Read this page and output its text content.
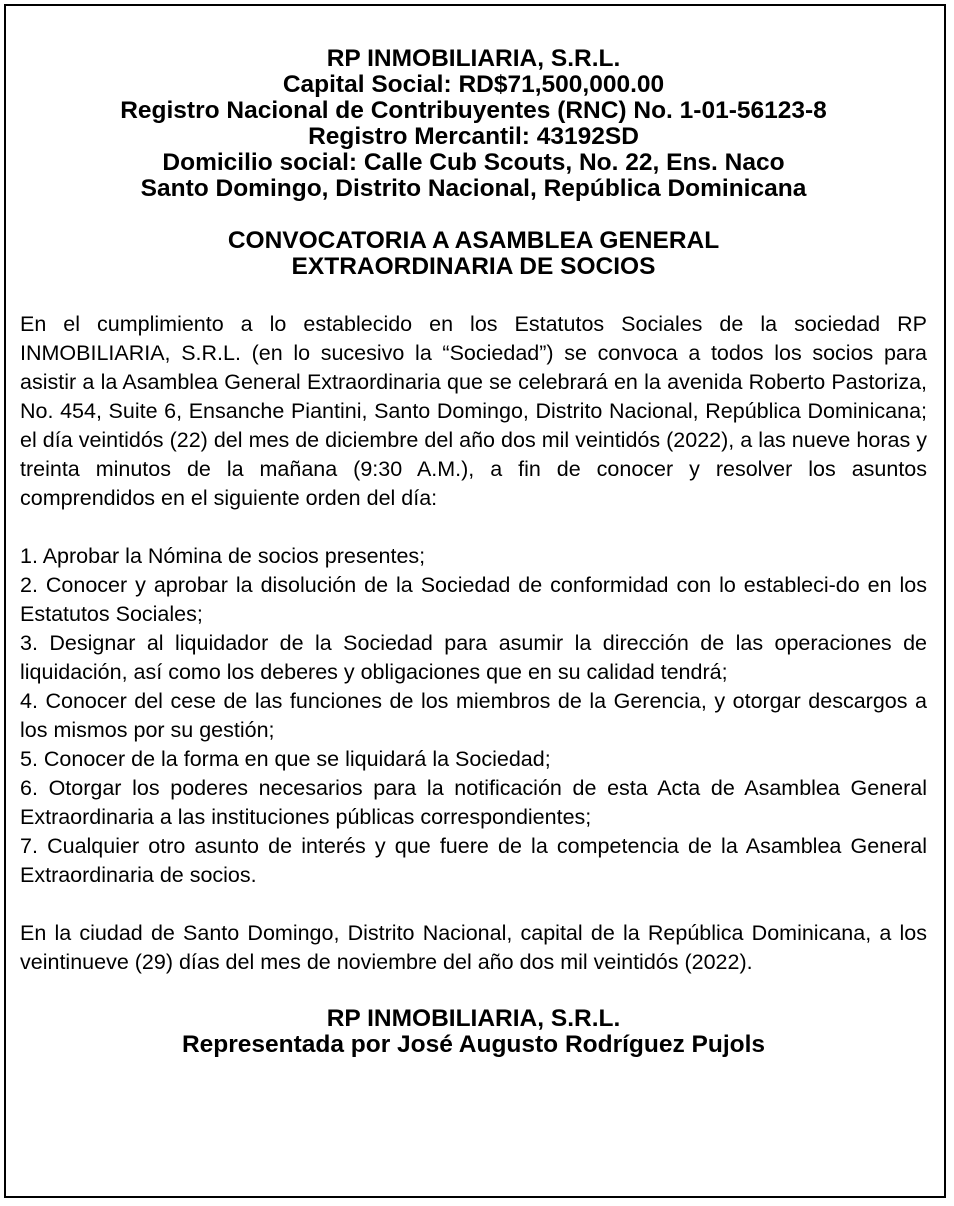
RP INMOBILIARIA, S.R.L.
Capital Social: RD$71,500,000.00
Registro Nacional de Contribuyentes (RNC) No. 1-01-56123-8
Registro Mercantil: 43192SD
Domicilio social: Calle Cub Scouts, No. 22, Ens. Naco
Santo Domingo, Distrito Nacional, República Dominicana
CONVOCATORIA A ASAMBLEA GENERAL
EXTRAORDINARIA DE SOCIOS
En el cumplimiento a lo establecido en los Estatutos Sociales de la sociedad RP INMOBILIARIA, S.R.L. (en lo sucesivo la “Sociedad”) se convoca a todos los socios para asistir a la Asamblea General Extraordinaria que se celebrará en la avenida Roberto Pastoriza, No. 454, Suite 6, Ensanche Piantini, Santo Domingo, Distrito Nacional, República Dominicana; el día veintidós (22) del mes de diciembre del año dos mil veintidós (2022), a las nueve horas y treinta minutos de la mañana (9:30 A.M.), a fin de conocer y resolver los asuntos comprendidos en el siguiente orden del día:
1. Aprobar la Nómina de socios presentes;
2. Conocer y aprobar la disolución de la Sociedad de conformidad con lo estableci-do en los Estatutos Sociales;
3. Designar al liquidador de la Sociedad para asumir la dirección de las operaciones de liquidación, así como los deberes y obligaciones que en su calidad tendrá;
4. Conocer del cese de las funciones de los miembros de la Gerencia, y otorgar descargos a los mismos por su gestión;
5. Conocer de la forma en que se liquidará la Sociedad;
6. Otorgar los poderes necesarios para la notificación de esta Acta de Asamblea General Extraordinaria a las instituciones públicas correspondientes;
7. Cualquier otro asunto de interés y que fuere de la competencia de la Asamblea General Extraordinaria de socios.
En la ciudad de Santo Domingo, Distrito Nacional, capital de la República Dominicana, a los veintinueve (29) días del mes de noviembre del año dos mil veintidós (2022).
RP INMOBILIARIA, S.R.L.
Representada por José Augusto Rodríguez Pujols
